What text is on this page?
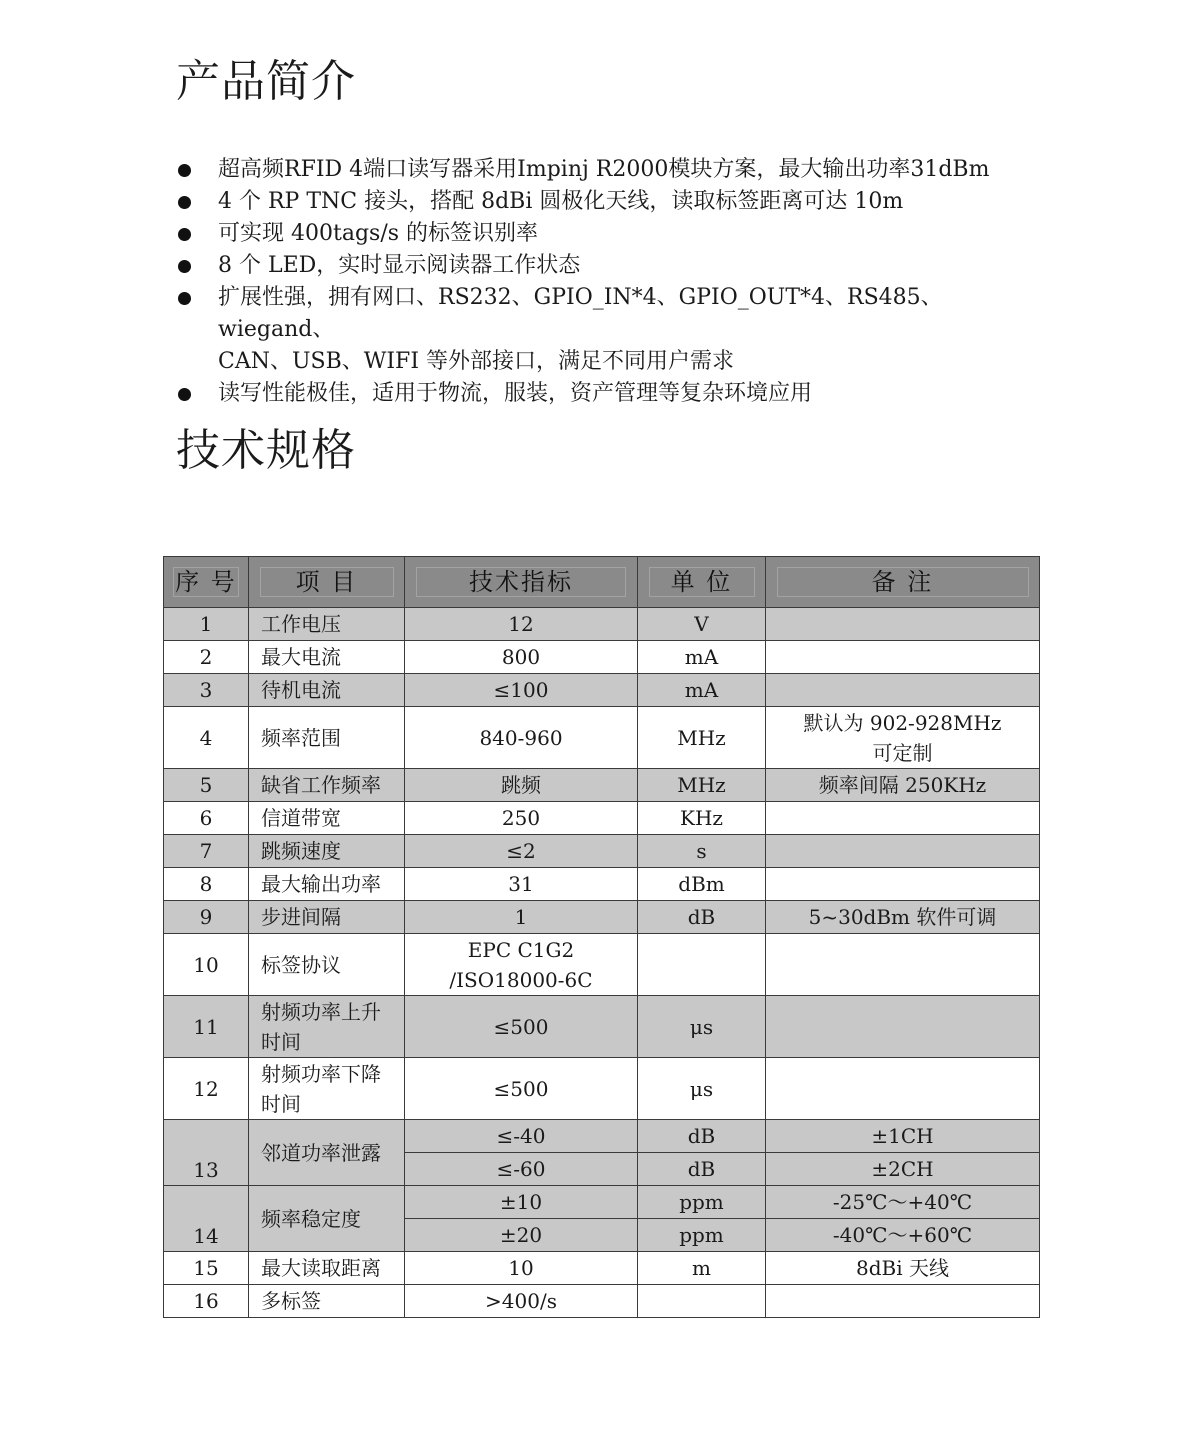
产品简介
超高频RFID 4端口读写器采用Impinj R2000模块方案，最大输出功率31dBm
4 个 RP TNC 接头，搭配 8dBi 圆极化天线，读取标签距离可达 10m
可实现 400tags/s 的标签识别率
8 个 LED，实时显示阅读器工作状态
扩展性强，拥有网口、RS232、GPIO_IN*4、GPIO_OUT*4、RS485、wiegand、
CAN、USB、WIFI 等外部接口，满足不同用户需求
读写性能极佳，适用于物流，服装，资产管理等复杂环境应用
技术规格
序 号	项 目	技术指标	单 位	备 注

1	工作电压	12	V	
2	最大电流	800	mA	
3	待机电流	≤100	mA	
4	频率范围	840-960	MHz	默认为 902-928MHz
可定制
5	缺省工作频率	跳频	MHz	频率间隔 250KHz
6	信道带宽	250	KHz	
7	跳频速度	≤2	s	
8	最大输出功率	31	dBm	
9	步进间隔	1	dB	5~30dBm 软件可调
10	标签协议	EPC C1G2
/ISO18000-6C		
11	射频功率上升
时间	≤500	μs	
12	射频功率下降
时间	≤500	μs	
13	邻道功率泄露	≤-40	dB	±1CH
		≤-60	dB	±2CH
14	频率稳定度	±10	ppm	-25℃～+40℃
		±20	ppm	-40℃～+60℃
15	最大读取距离	10	m	8dBi 天线
16	多标签	>400/s		
